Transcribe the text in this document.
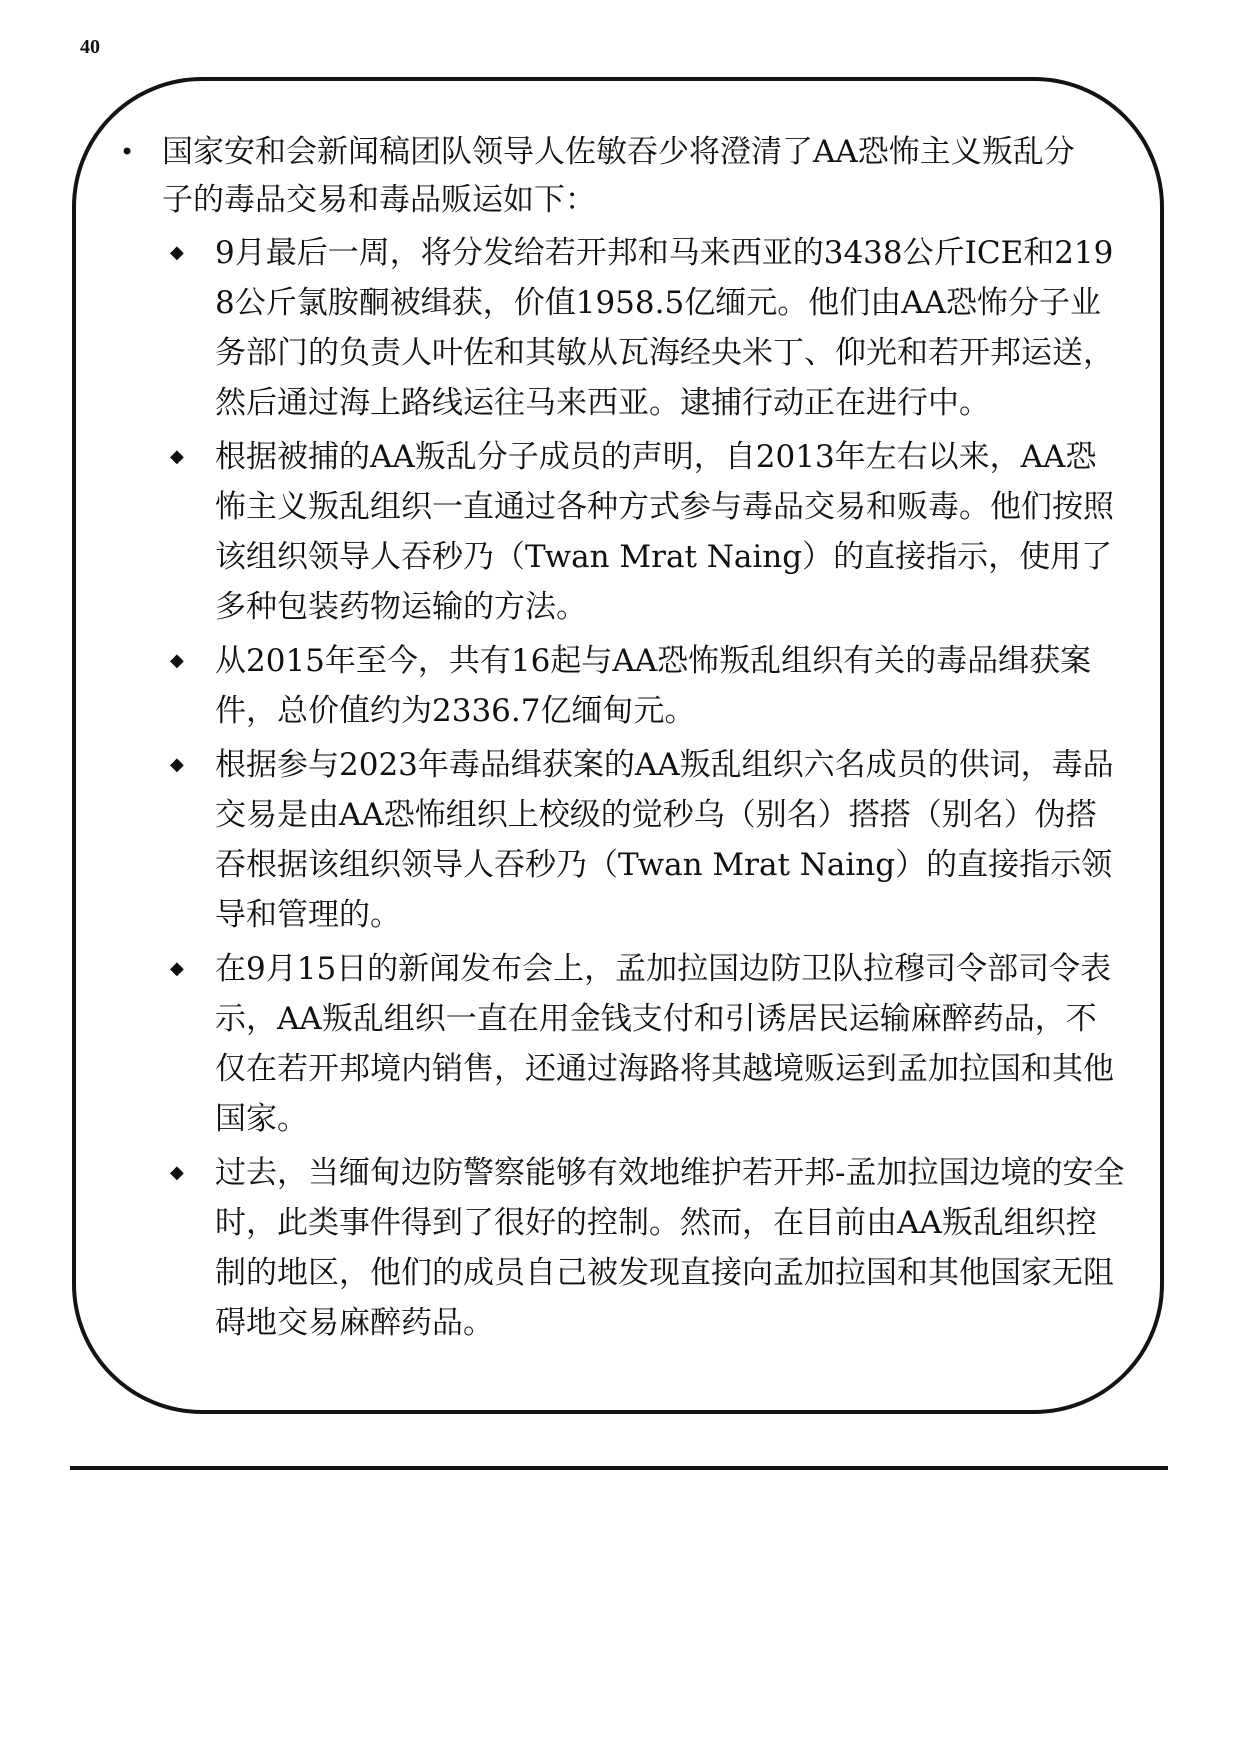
40
• 国家安和会新闻稿团队领导人佐敏吞少将澄清了AA恐怖主义叛乱分子的毒品交易和毒品贩运如下：
◆ 9月最后一周，将分发给若开邦和马来西亚的3438公斤ICE和2198公斤氯胺酮被缉获，价值1958.5亿缅元。他们由AA恐怖分子业务部门的负责人叶佐和其敏从瓦海经央米丁、仰光和若开邦运送，然后通过海上路线运往马来西亚。逮捕行动正在进行中。
◆ 根据被捕的AA叛乱分子成员的声明，自2013年左右以来，AA恐怖主义叛乱组织一直通过各种方式参与毒品交易和贩毒。他们按照该组织领导人吞秒乃（Twan Mrat Naing）的直接指示，使用了多种包装药物运输的方法。
◆ 从2015年至今，共有16起与AA恐怖叛乱组织有关的毒品缉获案件，总价值约为2336.7亿缅甸元。
◆ 根据参与2023年毒品缉获案的AA叛乱组织六名成员的供词，毒品交易是由AA恐怖组织上校级的觉秒乌（别名）搭搭（别名）伪搭吞根据该组织领导人吞秒乃（Twan Mrat Naing）的直接指示领导和管理的。
◆ 在9月15日的新闻发布会上，孟加拉国边防卫队拉穆司令部司令表示，AA叛乱组织一直在用金钱支付和引诱居民运输麻醉药品，不仅在若开邦境内销售，还通过海路将其越境贩运到孟加拉国和其他国家。
◆ 过去，当缅甸边防警察能够有效地维护若开邦-孟加拉国边境的安全时，此类事件得到了很好的控制。然而，在目前由AA叛乱组织控制的地区，他们的成员自己被发现直接向孟加拉国和其他国家无阻碍地交易麻醉药品。
